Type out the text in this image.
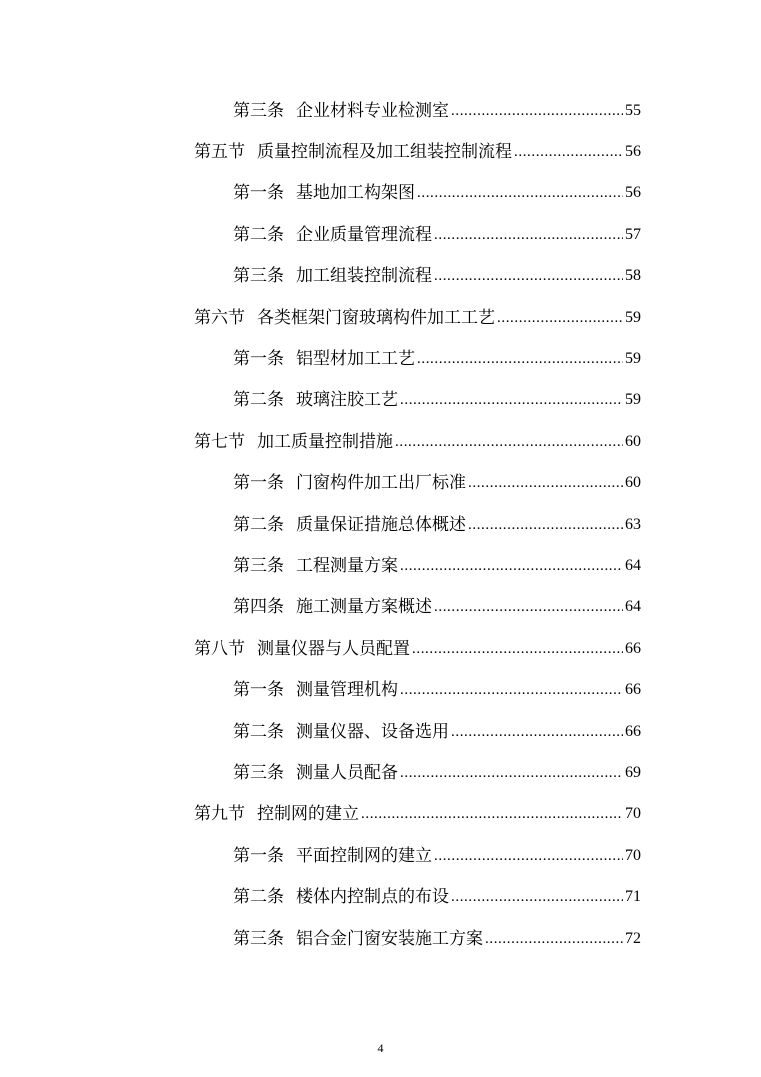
第三条 企业材料专业检测室 .....	55
第五节 质量控制流程及加工组装控制流程 .....	56
第一条 基地加工构架图 .....	56
第二条 企业质量管理流程 .....	57
第三条 加工组装控制流程 .....	58
第六节 各类框架门窗玻璃构件加工工艺 .....	59
第一条 铝型材加工工艺 .....	59
第二条 玻璃注胶工艺 .....	59
第七节 加工质量控制措施 .....	60
第一条 门窗构件加工出厂标准 .....	60
第二条 质量保证措施总体概述 .....	63
第三条 工程测量方案 .....	64
第四条 施工测量方案概述 .....	64
第八节 测量仪器与人员配置 .....	66
第一条 测量管理机构 .....	66
第二条 测量仪器、设备选用 .....	66
第三条 测量人员配备 .....	69
第九节 控制网的建立 .....	70
第一条 平面控制网的建立 .....	70
第二条 楼体内控制点的布设 .....	71
第三条 铝合金门窗安装施工方案 .....	72
4
